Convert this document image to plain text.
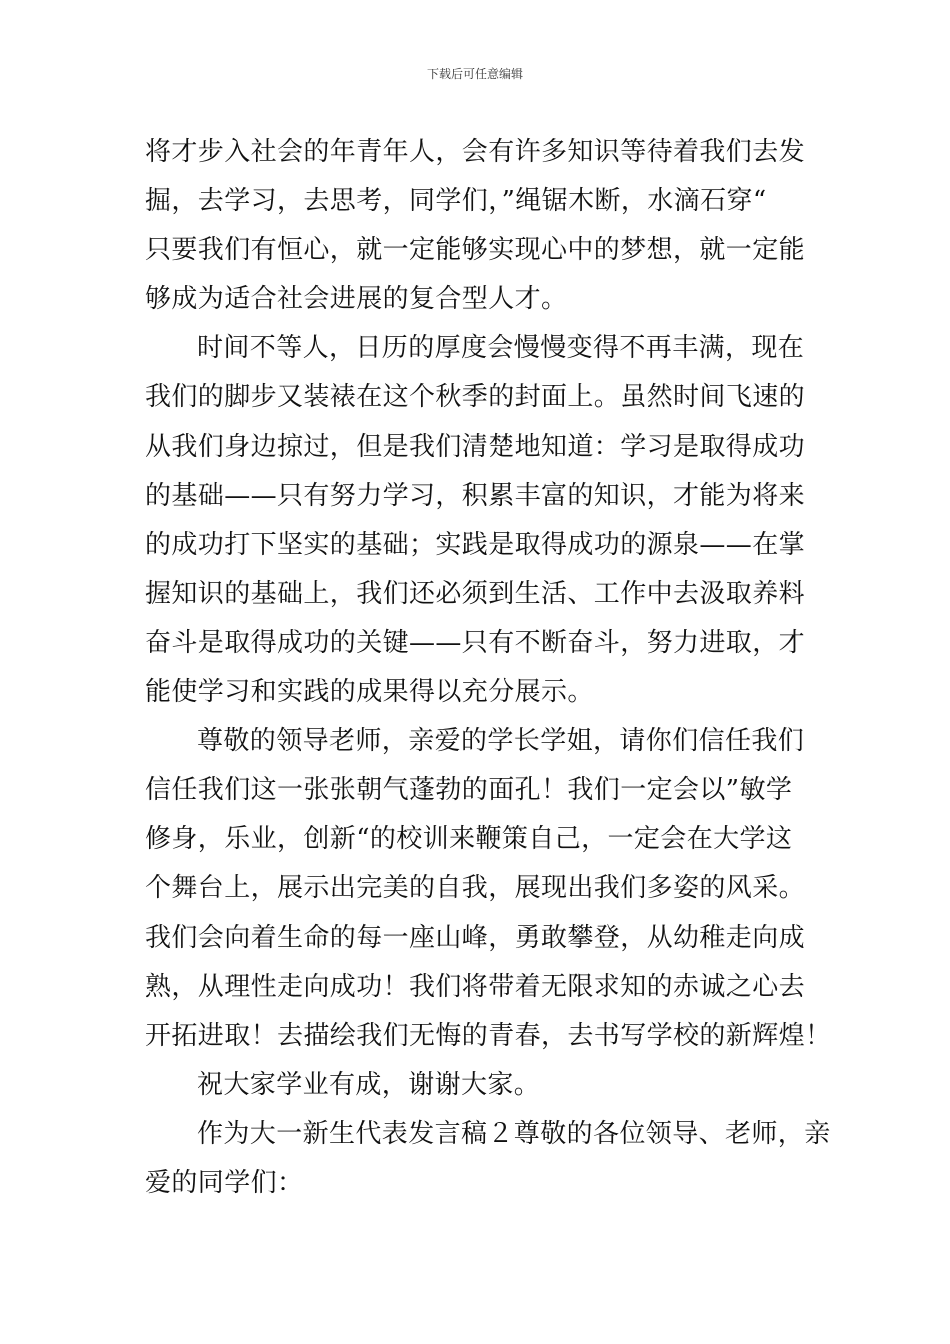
下载后可任意编辑
将才步入社会的年青年人，会有许多知识等待着我们去发
掘，去学习，去思考，同学们，”绳锯木断，水滴石穿“
只要我们有恒心，就一定能够实现心中的梦想，就一定能
够成为适合社会进展的复合型人才。
时间不等人，日历的厚度会慢慢变得不再丰满，现在
我们的脚步又装裱在这个秋季的封面上。虽然时间飞速的
从我们身边掠过，但是我们清楚地知道：学习是取得成功
的基础——只有努力学习，积累丰富的知识，才能为将来
的成功打下坚实的基础；实践是取得成功的源泉——在掌
握知识的基础上，我们还必须到生活、工作中去汲取养料
奋斗是取得成功的关键——只有不断奋斗，努力进取，才
能使学习和实践的成果得以充分展示。
尊敬的领导老师，亲爱的学长学姐，请你们信任我们
信任我们这一张张朝气蓬勃的面孔！我们一定会以”敏学
修身，乐业，创新“的校训来鞭策自己，一定会在大学这
个舞台上，展示出完美的自我，展现出我们多姿的风采。
我们会向着生命的每一座山峰，勇敢攀登，从幼稚走向成
熟，从理性走向成功！我们将带着无限求知的赤诚之心去
开拓进取！去描绘我们无悔的青春，去书写学校的新辉煌！
祝大家学业有成，谢谢大家。
作为大一新生代表发言稿２尊敬的各位领导、老师，亲
爱的同学们：
